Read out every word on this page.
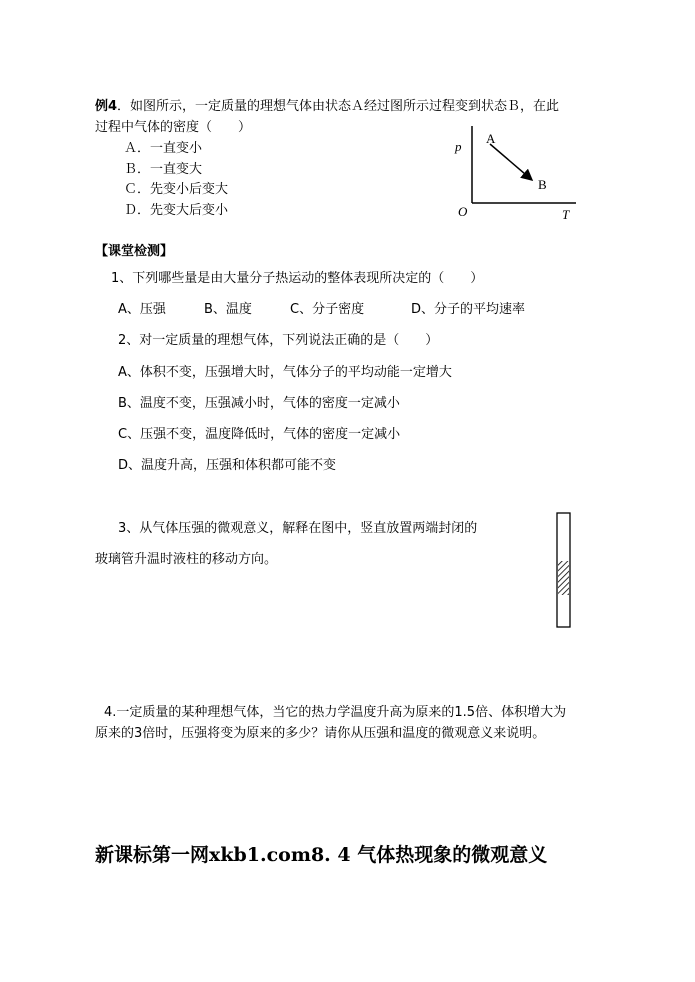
例4．如图所示，一定质量的理想气体由状态Ａ经过图所示过程变到状态Ｂ，在此
过程中气体的密度（　　）
Ａ．一直变小
Ｂ．一直变大
Ｃ．先变小后变大
Ｄ．先变大后变小
p
T
O
A
B
【课堂检测】
1、下列哪些量是由大量分子热运动的整体表现所决定的（　　）
A、压强	B、温度	C、分子密度	D、分子的平均速率
2、对一定质量的理想气体，下列说法正确的是（　　）
A、体积不变，压强增大时，气体分子的平均动能一定增大
B、温度不变，压强减小时，气体的密度一定减小
C、压强不变，温度降低时，气体的密度一定减小
D、温度升高，压强和体积都可能不变
3、从气体压强的微观意义，解释在图中，竖直放置两端封闭的
玻璃管升温时液柱的移动方向。
4.一定质量的某种理想气体，当它的热力学温度升高为原来的1.5倍、体积增大为
原来的3倍时，压强将变为原来的多少？请你从压强和温度的微观意义来说明。
新课标第一网xkb1.com8. 4 气体热现象的微观意义
